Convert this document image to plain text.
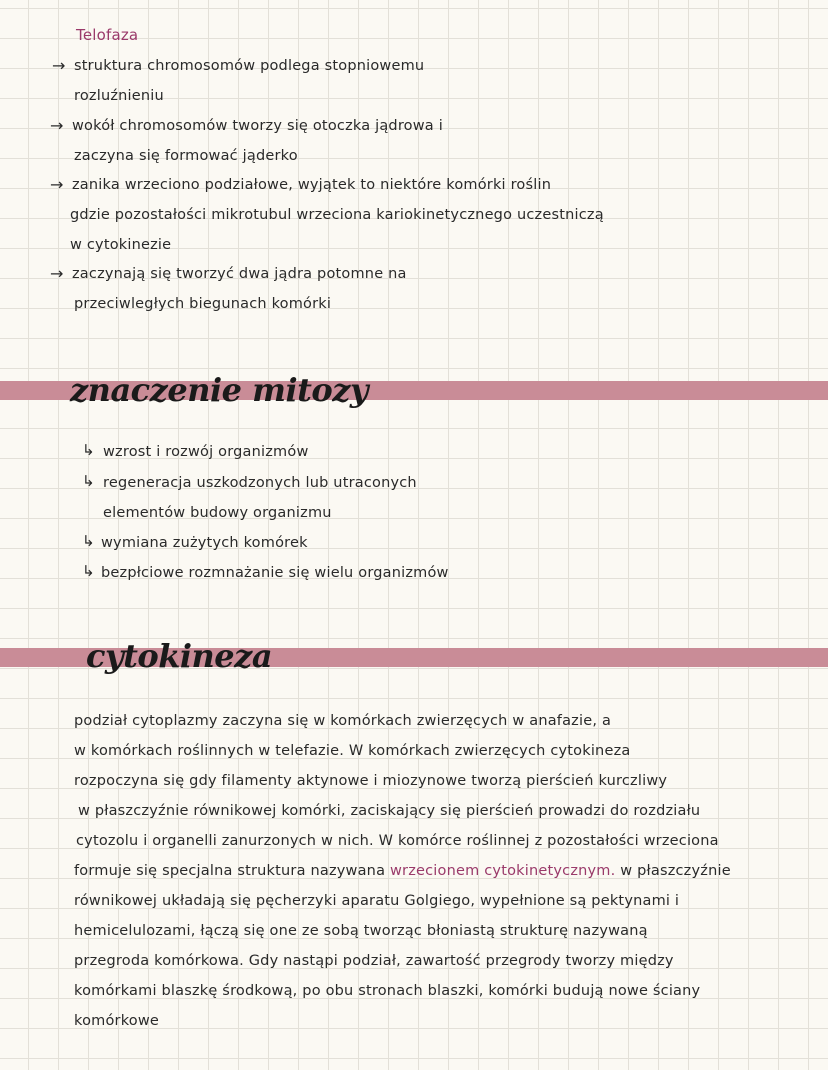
Telofaza
→ struktura chromosomów podlega stopniowemu
rozluźnieniu
→ wokół chromosomów tworzy się otoczka jądrowa i
zaczyna się formować jąderko
→ zanika wrzeciono podziałowe, wyjątek to niektóre komórki roślin
gdzie pozostałości mikrotubul wrzeciona kariokinetycznego uczestniczą
w cytokinezie
→ zaczynają się tworzyć dwa jądra potomne na
przeciwległych biegunach komórki
znaczenie mitozy
↳ wzrost i rozwój organizmów
↳ regeneracja uszkodzonych lub utraconych
elementów budowy organizmu
↳ wymiana zużytych komórek
↳ bezpłciowe rozmnażanie się wielu organizmów
cytokineza
podział cytoplazmy zaczyna się w komórkach zwierzęcych w anafazie, a
w komórkach roślinnych w telefazie. W komórkach zwierzęcych cytokineza
rozpoczyna się gdy filamenty aktynowe i miozynowe tworzą pierścień kurczliwy
w płaszczyźnie równikowej komórki, zaciskający się pierścień prowadzi do rozdziału
cytozolu i organelli zanurzonych w nich. W komórce roślinnej z pozostałości wrzeciona
formuje się specjalna struktura nazywana wrzecionem cytokinetycznym. w płaszczyźnie
równikowej układają się pęcherzyki aparatu Golgiego, wypełnione są pektynami i
hemicelulozami, łączą się one ze sobą tworząc błoniastą strukturę nazywaną
przegroda komórkowa. Gdy nastąpi podział, zawartość przegrody tworzy między
komórkami blaszkę środkową, po obu stronach blaszki, komórki budują nowe ściany
komórkowe
